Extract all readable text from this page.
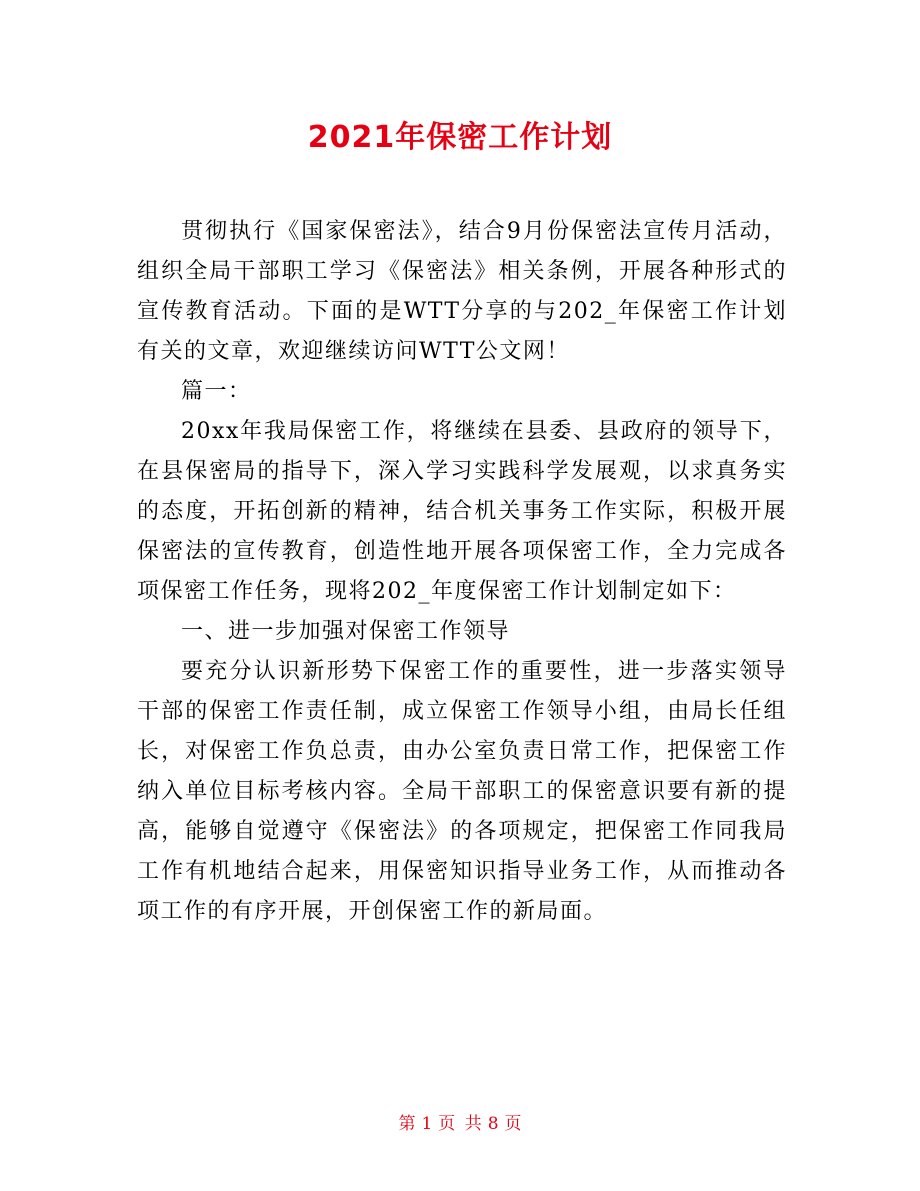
2021年保密工作计划

贯彻执行《国家保密法》，结合9月份保密法宣传月活动，组织全局干部职工学习《保密法》相关条例，开展各种形式的宣传教育活动。下面的是WTT分享的与202_年保密工作计划有关的文章，欢迎继续访问WTT公文网！

篇一：

20xx年我局保密工作，将继续在县委、县政府的领导下，在县保密局的指导下，深入学习实践科学发展观，以求真务实的态度，开拓创新的精神，结合机关事务工作实际，积极开展保密法的宣传教育，创造性地开展各项保密工作，全力完成各项保密工作任务，现将202_年度保密工作计划制定如下：

一、进一步加强对保密工作领导

要充分认识新形势下保密工作的重要性，进一步落实领导干部的保密工作责任制，成立保密工作领导小组，由局长任组长，对保密工作负总责，由办公室负责日常工作，把保密工作纳入单位目标考核内容。全局干部职工的保密意识要有新的提高，能够自觉遵守《保密法》的各项规定，把保密工作同我局工作有机地结合起来，用保密知识指导业务工作，从而推动各项工作的有序开展，开创保密工作的新局面。

第 1 页 共 8 页
